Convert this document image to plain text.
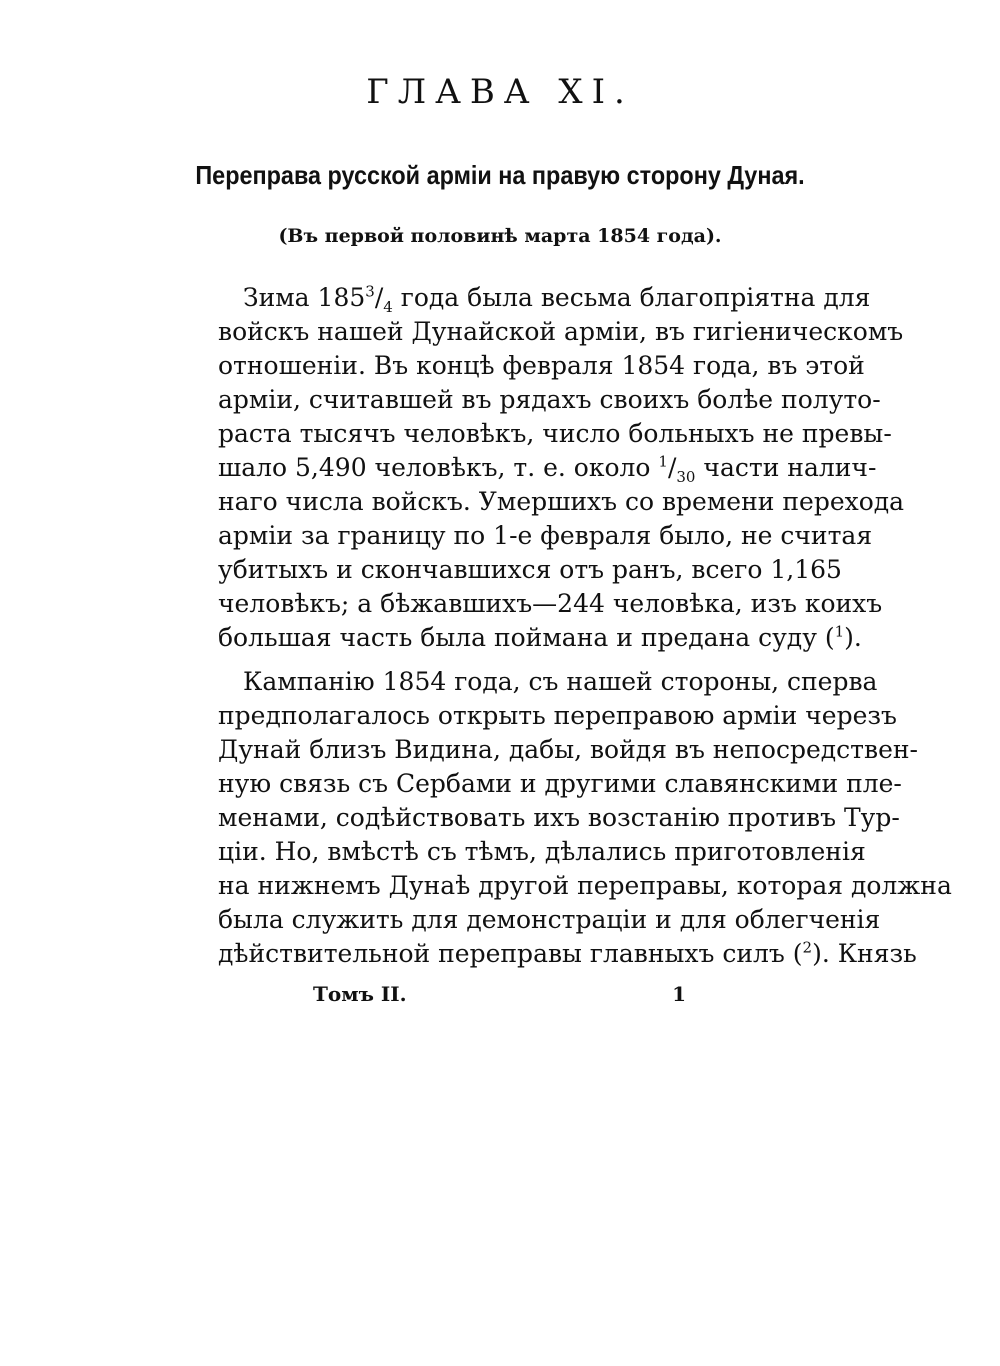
ГЛАВА XI.
Переправа русской арміи на правую сторону Дуная.
(Въ первой половинѣ марта 1854 года).
Зима $185^3/_4$ года была весьма благопріятна для
войскъ нашей Дунайской арміи, въ гигіеническомъ
отношеніи. Въ концѣ февраля 1854 года, въ этой
арміи, считавшей въ рядахъ своихъ болѣе полуто-
раста тысячъ человѣкъ, число больныхъ не превы-
шало 5,490 человѣкъ, т. е. около $^1/_{30}$ части налич-
наго числа войскъ. Умершихъ со времени перехода
арміи за границу по 1-е февраля было, не считая
убитыхъ и скончавшихся отъ ранъ, всего 1,165
человѣкъ; а бѣжавшихъ—244 человѣка, изъ коихъ
большая часть была поймана и предана суду ($^1$).
Кампанію 1854 года, съ нашей стороны, сперва
предполагалось открыть переправою арміи черезъ
Дунай близъ Видина, дабы, войдя въ непосредствен-
ную связь съ Сербами и другими славянскими пле-
менами, содѣйствовать ихъ возстанію противъ Тур-
ціи. Но, вмѣстѣ съ тѣмъ, дѣлались приготовленія
на нижнемъ Дунаѣ другой переправы, которая должна
была служить для демонстраціи и для облегченія
дѣйствительной переправы главныхъ силъ ($^2$). Князь
Томъ II.	1
